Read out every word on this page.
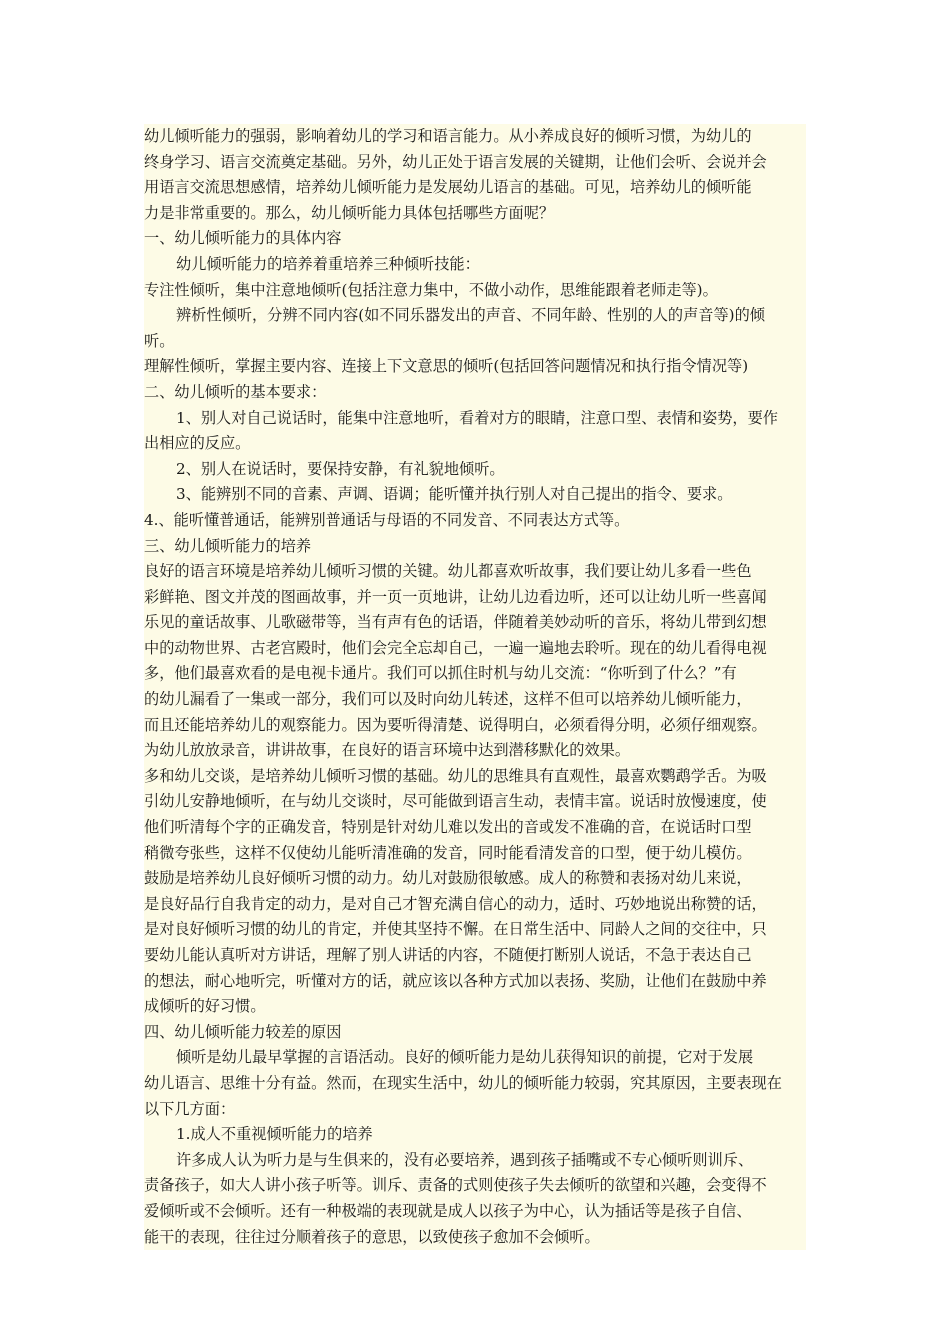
幼儿倾听能力的强弱，影响着幼儿的学习和语言能力。从小养成良好的倾听习惯，为幼儿的
终身学习、语言交流奠定基础。另外，幼儿正处于语言发展的关键期，让他们会听、会说并会
用语言交流思想感情，培养幼儿倾听能力是发展幼儿语言的基础。可见，培养幼儿的倾听能
力是非常重要的。那么，幼儿倾听能力具体包括哪些方面呢？
一、幼儿倾听能力的具体内容
幼儿倾听能力的培养着重培养三种倾听技能：
专注性倾听，集中注意地倾听(包括注意力集中，不做小动作，思维能跟着老师走等)。
辨析性倾听，分辨不同内容(如不同乐器发出的声音、不同年龄、性别的人的声音等)的倾
听。
理解性倾听，掌握主要内容、连接上下文意思的倾听(包括回答问题情况和执行指令情况等)
二、幼儿倾听的基本要求：
1、别人对自己说话时，能集中注意地听，看着对方的眼睛，注意口型、表情和姿势，要作
出相应的反应。
2、别人在说话时，要保持安静，有礼貌地倾听。
3、能辨别不同的音素、声调、语调；能听懂并执行别人对自己提出的指令、要求。
4.、能听懂普通话，能辨别普通话与母语的不同发音、不同表达方式等。
三、幼儿倾听能力的培养
良好的语言环境是培养幼儿倾听习惯的关键。幼儿都喜欢听故事，我们要让幼儿多看一些色
彩鲜艳、图文并茂的图画故事，并一页一页地讲，让幼儿边看边听，还可以让幼儿听一些喜闻
乐见的童话故事、儿歌磁带等，当有声有色的话语，伴随着美妙动听的音乐，将幼儿带到幻想
中的动物世界、古老宫殿时，他们会完全忘却自己，一遍一遍地去聆听。现在的幼儿看得电视
多，他们最喜欢看的是电视卡通片。我们可以抓住时机与幼儿交流：“你听到了什么？”有
的幼儿漏看了一集或一部分，我们可以及时向幼儿转述，这样不但可以培养幼儿倾听能力，
而且还能培养幼儿的观察能力。因为要听得清楚、说得明白，必须看得分明，必须仔细观察。
为幼儿放放录音，讲讲故事，在良好的语言环境中达到潜移默化的效果。
多和幼儿交谈，是培养幼儿倾听习惯的基础。幼儿的思维具有直观性，最喜欢鹦鹉学舌。为吸
引幼儿安静地倾听，在与幼儿交谈时，尽可能做到语言生动，表情丰富。说话时放慢速度，使
他们听清每个字的正确发音，特别是针对幼儿难以发出的音或发不准确的音，在说话时口型
稍微夸张些，这样不仅使幼儿能听清准确的发音，同时能看清发音的口型，便于幼儿模仿。
鼓励是培养幼儿良好倾听习惯的动力。幼儿对鼓励很敏感。成人的称赞和表扬对幼儿来说，
是良好品行自我肯定的动力，是对自己才智充满自信心的动力，适时、巧妙地说出称赞的话，
是对良好倾听习惯的幼儿的肯定，并使其坚持不懈。在日常生活中、同龄人之间的交往中，只
要幼儿能认真听对方讲话，理解了别人讲话的内容，不随便打断别人说话，不急于表达自己
的想法，耐心地听完，听懂对方的话，就应该以各种方式加以表扬、奖励，让他们在鼓励中养
成倾听的好习惯。
四、幼儿倾听能力较差的原因
倾听是幼儿最早掌握的言语活动。良好的倾听能力是幼儿获得知识的前提，它对于发展
幼儿语言、思维十分有益。然而，在现实生活中，幼儿的倾听能力较弱，究其原因，主要表现在
以下几方面：
1.成人不重视倾听能力的培养
许多成人认为听力是与生俱来的，没有必要培养，遇到孩子插嘴或不专心倾听则训斥、
责备孩子，如大人讲小孩子听等。训斥、责备的式则使孩子失去倾听的欲望和兴趣，会变得不
爱倾听或不会倾听。还有一种极端的表现就是成人以孩子为中心，认为插话等是孩子自信、
能干的表现，往往过分顺着孩子的意思，以致使孩子愈加不会倾听。
